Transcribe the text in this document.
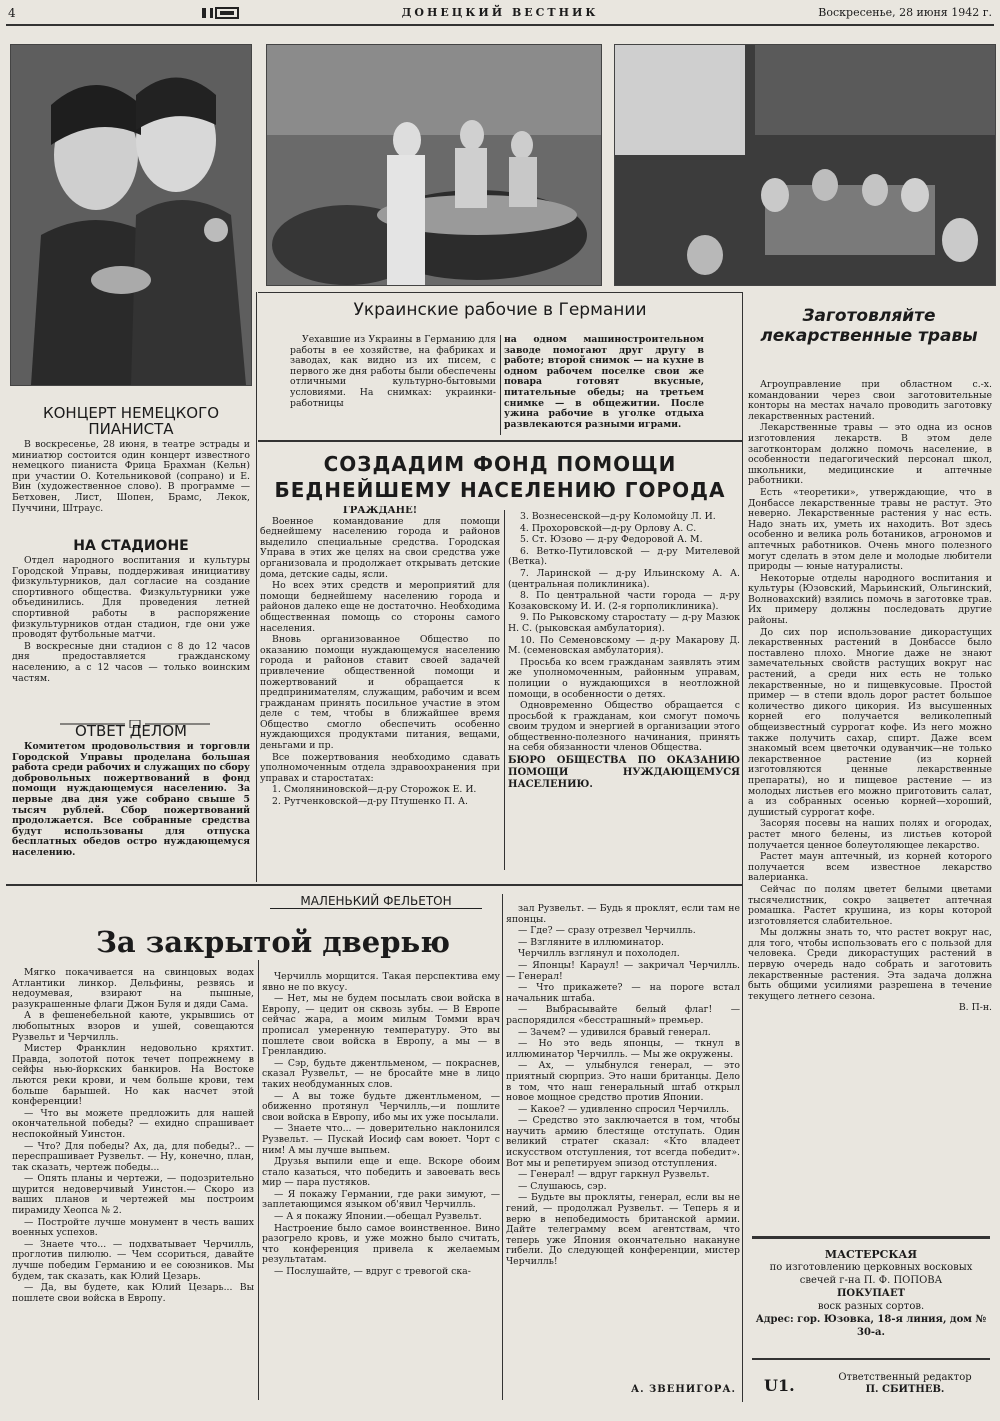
4	ДОНЕЦКИЙ ВЕСТНИК	Воскресенье, 28 июня 1942 г.
Украинские рабочие в Германии

Уехавшие из Украины в Германию для работы в ее хозяйстве, на фабриках и заводах, как видно из их писем, с первого же дня работы были обеспечены отличными культурно-бытовыми условиями. На снимках: украинки-работницы

на одном машиностроительном заводе помогают друг другу в работе; второй снимок — на кухне в одном рабочем поселке свои же повара готовят вкусные, питательные обеды; на третьем снимке — в общежитии. После ужина рабочие в уголке отдыха развлекаются разными играми.

КОНЦЕРТ НЕМЕЦКОГО ПИАНИСТА

В воскресенье, 28 июня, в театре эстрады и миниатюр состоится один концерт известного немецкого пианиста Фрица Брахман (Кельн) при участии О. Котельниковой (сопрано) и Е. Вин (художественное слово). В программе — Бетховен, Лист, Шопен, Брамс, Лекок, Пуччини, Штраус.

НА СТАДИОНЕ

Отдел народного воспитания и культуры Городской Управы, поддерживая инициативу физкультурников, дал согласие на создание спортивного общества. Физкультурники уже объединились. Для проведения летней спортивной работы в распоряжение физкультурников отдан стадион, где они уже проводят футбольные матчи.

В воскресные дни стадион с 8 до 12 часов дня предоставляется гражданскому населению, а с 12 часов — только воинским частям.

ОТВЕТ ДЕЛОМ

Комитетом продовольствия и торговли Городской Управы проделана большая работа среди рабочих и служащих по сбору добровольных пожертвований в фонд помощи нуждающемуся населению. За первые два дня уже собрано свыше 5 тысяч рублей. Сбор пожертвований продолжается. Все собранные средства будут использованы для отпуска бесплатных обедов остро нуждающемуся населению.

СОЗДАДИМ ФОНД ПОМОЩИ
БЕДНЕЙШЕМУ НАСЕЛЕНИЮ ГОРОДА
ГРАЖДАНЕ!

Военное командование для помощи беднейшему населению города и районов выделило специальные средства. Городская Управа в этих же целях на свои средства уже организовала и продолжает открывать детские дома, детские сады, ясли.

Но всех этих средств и мероприятий для помощи беднейшему населению города и районов далеко еще не достаточно. Необходима общественная помощь со стороны самого населения.

Вновь организованное Общество по оказанию помощи нуждающемуся населению города и районов ставит своей задачей привлечение общественной помощи и пожертвований и обращается к предпринимателям, служащим, рабочим и всем гражданам принять посильное участие в этом деле с тем, чтобы в ближайшее время Общество смогло обеспечить особенно нуждающихся продуктами питания, вещами, деньгами и пр.

Все пожертвования необходимо сдавать уполномоченным отдела здравоохранения при управах и старостатах:

1. Смоляниновской—д-ру Сторожок Е. И.

2. Рутченковской—д-ру Птушенко П. А.

3. Вознесенской—д-ру Коломойцу Л. И.

4. Прохоровской—д-ру Орлову А. С.

5. Ст. Юзово — д-ру Федоровой А. М.

6. Ветко-Путиловской — д-ру Мителевой (Ветка).

7. Ларинской — д-ру Ильинскому А. А. (центральная поликлиника).

8. По центральной части города — д-ру Козаковскому И. И. (2-я горполиклиника).

9. По Рыковскому старостату — д-ру Мазюк Н. С. (рыковская амбулатория).

10. По Семеновскому — д-ру Макарову Д. М. (семеновская амбулатория).

Просьба ко всем гражданам заявлять этим же уполномоченным, районным управам, полиции о нуждающихся в неотложной помощи, в особенности о детях.

Одновременно Общество обращается с просьбой к гражданам, кои смогут помочь своим трудом и энергией в организации этого общественно-полезного начинания, принять на себя обязанности членов Общества.

БЮРО ОБЩЕСТВА ПО ОКАЗАНИЮ ПОМОЩИ НУЖДАЮЩЕМУСЯ НАСЕЛЕНИЮ.

Заготовляйте лекарственные травы

Агроуправление при областном с.-х. командовании через свои заготовительные конторы на местах начало проводить заготовку лекарственных растений.

Лекарственные травы — это одна из основ изготовления лекарств. В этом деле заготконторам должно помочь население, в особенности педагогический персонал школ, школьники, медицинские и аптечные работники.

Есть «теоретики», утверждающие, что в Донбассе лекарственные травы не растут. Это неверно. Лекарственные растения у нас есть. Надо знать их, уметь их находить. Вот здесь особенно и велика роль ботаников, агрономов и аптечных работников. Очень много полезного могут сделать в этом деле и молодые любители природы — юные натуралисты.

Некоторые отделы народного воспитания и культуры (Юзовский, Марьинский, Ольгинский, Волновахский) взялись помочь в заготовке трав. Их примеру должны последовать другие районы.

До сих пор использование дикорастущих лекарственных растений в Донбассе было поставлено плохо. Многие даже не знают замечательных свойств растущих вокруг нас растений, а среди них есть не только лекарственные, но и пищевкусовые. Простой пример — в степи вдоль дорог растет большое количество дикого цикория. Из высушенных корней его получается великолепный общеизвестный суррогат кофе. Из него можно также получить сахар, спирт. Даже всем знакомый всем цветочки одуванчик—не только лекарственное растение (из корней изготовляются ценные лекарственные препараты), но и пищевое растение — из молодых листьев его можно приготовить салат, а из собранных осенью корней—хороший, душистый суррогат кофе.

Засоряя посевы на наших полях и огородах, растет много белены, из листьев которой получается ценное болеутоляющее лекарство.

Растет маун аптечный, из корней которого получается всем известное лекарство валерианка.

Сейчас по полям цветет белыми цветами тысячелистник, сокро зацветет аптечная ромашка. Растет крушина, из коры которой изготовляется слабительное.

Мы должны знать то, что растет вокруг нас, для того, чтобы использовать его с пользой для человека. Среди дикорастущих растений в первую очередь надо собрать и заготовить лекарственные растения. Эта задача должна быть общими усилиями разрешена в течение текущего летнего сезона.

В. П-н.
МАСТЕРСКАЯ
по изготовлению церковных восковых свечей г-на П. Ф. ПОПОВА
ПОКУПАЕТ
воск разных сортов.
Адрес: гор. Юзовка, 18-я линия, дом № 30-а.
МАЛЕНЬКИЙ ФЕЛЬЕТОН
За закрытой дверью

Мягко покачивается на свинцовых водах Атлантики линкор. Дельфины, резвясь и недоумевая, взирают на пышные, разукрашенные флаги Джон Буля и дяди Сама.

А в фешенебельной каюте, укрывшись от любопытных взоров и ушей, совещаются Рузвельт и Черчилль.

Мистер Франклин недовольно кряхтит. Правда, золотой поток течет попрежнему в сейфы нью-йоркских банкиров. На Востоке льются реки крови, и чем больше крови, тем больше барышей. Но как насчет этой конференции!

— Что вы можете предложить для нашей окончательной победы? — ехидно спрашивает неспокойный Уинстон.

— Что? Для победы? Ах, да, для победы?.. — переспрашивает Рузвельт. — Ну, конечно, план, так сказать, чертеж победы...

— Опять планы и чертежи, — подозрительно щурится недоверчивый Уинстон.— Скоро из ваших планов и чертежей мы построим пирамиду Хеопса № 2.

— Постройте лучше монумент в честь ваших военных успехов.

— Знаете что... — подхватывает Черчилль, проглотив пилюлю. — Чем ссориться, давайте лучше победим Германию и ее союзников. Мы будем, так сказать, как Юлий Цезарь.

— Да, вы будете, как Юлий Цезарь... Вы пошлете свои войска в Европу.

Черчилль морщится. Такая перспектива ему явно не по вкусу.

— Нет, мы не будем посылать свои войска в Европу, — цедит он сквозь зубы. — В Европе сейчас жара, а моим милым Томми врач прописал умеренную температуру. Это вы пошлете свои войска в Европу, а мы — в Гренландию.

— Сэр, будьте джентльменом, — покраснев, сказал Рузвельт, — не бросайте мне в лицо таких необдуманных слов.

— А вы тоже будьте джентльменом, — обиженно протянул Черчилль,—и пошлите свои войска в Европу, ибо мы их уже посылали.

— Знаете что... — доверительно наклонился Рузвельт. — Пускай Иосиф сам воюет. Чорт с ним! А мы лучше выпьем.

Друзья выпили еще и еще. Вскоре обоим стало казаться, что победить и завоевать весь мир — пара пустяков.

— Я покажу Германии, где раки зимуют, — заплетающимся языком об'явил Черчилль.

— А я покажу Японии.—обещал Рузвельт.

Настроение было самое воинственное. Вино разогрело кровь, и уже можно было считать, что конференция привела к желаемым результатам.

— Послушайте, — вдруг с тревогой ска-

зал Рузвельт. — Будь я проклят, если там не японцы.

— Где? — сразу отрезвел Черчилль.

— Взгляните в иллюминатор.

Черчилль взглянул и похолодел.

— Японцы! Караул! — закричал Черчилль. — Генерал!

— Что прикажете? — на пороге встал начальник штаба.

— Выбрасывайте белый флаг! — распорядился «бесстрашный» премьер.

— Зачем? — удивился бравый генерал.

— Но это ведь японцы, — ткнул в иллюминатор Черчилль. — Мы же окружены.

— Ах, — улыбнулся генерал, — это приятный сюрприз. Это наши британцы. Дело в том, что наш генеральный штаб открыл новое мощное средство против Японии.

— Какое? — удивленно спросил Черчилль.

— Средство это заключается в том, чтобы научить армию блестяще отступать. Один великий стратег сказал: «Кто владеет искусством отступления, тот всегда победит». Вот мы и репетируем эпизод отступления.

— Генерал! — вдруг гаркнул Рузвельт.

— Слушаюсь, сэр.

— Будьте вы прокляты, генерал, если вы не гений, — продолжал Рузвельт. — Теперь я и верю в непобедимость британской армии. Дайте телеграмму всем агентствам, что теперь уже Япония окончательно накануне гибели. До следующей конференции, мистер Черчилль!

А. ЗВЕНИГОРА. U1.	Ответственный редактор
П. СБИТНЕВ.
